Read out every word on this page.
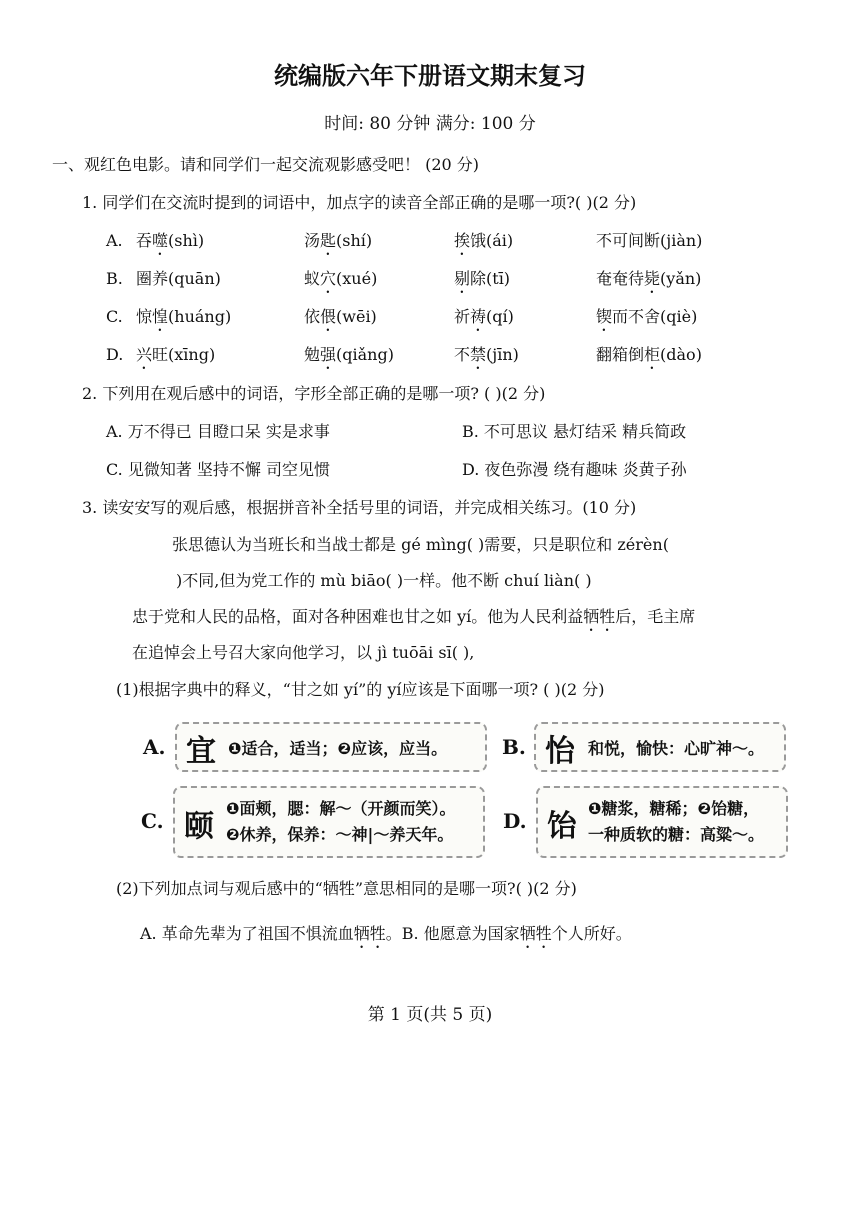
统编版六年下册语文期末复习
时间: 80 分钟 满分: 100 分
一、观红色电影。请和同学们一起交流观影感受吧！ (20 分)
1. 同学们在交流时提到的词语中，加点字的读音全部正确的是哪一项?( )(2 分)
A. 吞噬(shì)	汤匙(shí)	挨饿(ái)	不可间断(jiàn)
B. 圈养(quān)	蚁穴(xué)	剔除(tī)	奄奄待毙(yǎn)
C. 惊惶(huáng)	依偎(wēi)	祈祷(qí)	锲而不舍(qiè)
D. 兴旺(xīng)	勉强(qiǎng)	不禁(jīn)	翻箱倒柜(dào)
2. 下列用在观后感中的词语，字形全部正确的是哪一项? ( )(2 分)
A. 万不得已 目瞪口呆 实是求事	B. 不可思议 悬灯结采 精兵简政
C. 见微知著 坚持不懈 司空见惯	D. 夜色弥漫 绕有趣味 炎黄子孙
3. 读安安写的观后感，根据拼音补全括号里的词语，并完成相关练习。(10 分)
张思德认为当班长和当战士都是 gé mìng( )需要，只是职位和 zérèn(
)不同,但为党工作的 mù biāo( )一样。他不断 chuí liàn( )
忠于党和人民的品格，面对各种困难也甘之如 yí。他为人民利益牺牲后，毛主席
在追悼会上号召大家向他学习，以 jì tuōāi sī( ),
(1)根据字典中的释义，“甘之如 yí”的 yí应该是下面哪一项? ( )(2 分)
A. 宜 ❶适合，适当；❷应该，应当。	B. 怡 和悦，愉快：心旷神～。
C. 颐
❶面颊，腮：解～（开颜而笑）。
❷休养，保养：～神|～养天年。
D. 饴
❶糖浆，糖稀；❷饴糖，
一种质软的糖：高粱～。
(2)下列加点词与观后感中的“牺牲”意思相同的是哪一项?( )(2 分)
A. 革命先辈为了祖国不惧流血牺牲。B. 他愿意为国家牺牲个人所好。
第 1 页(共 5 页)
